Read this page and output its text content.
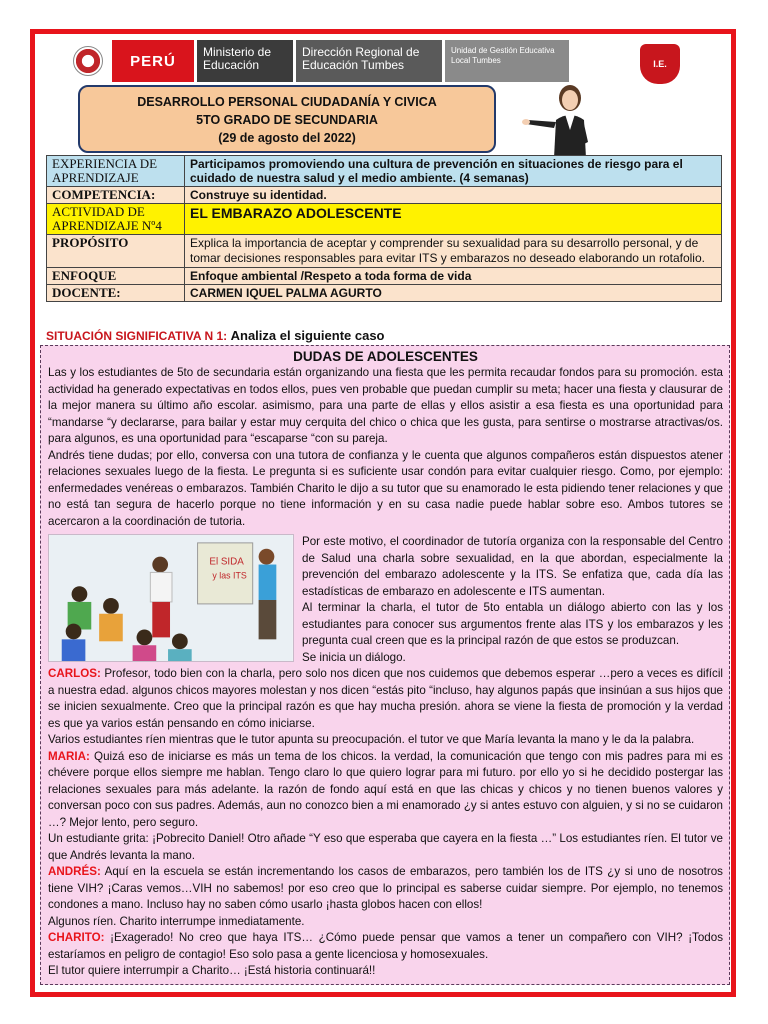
PERÚ
Ministerio de Educación
Dirección Regional de Educación Tumbes
Unidad de Gestión Educativa Local Tumbes	I.E.
DESARROLLO PERSONAL CIUDADANÍA Y CIVICA
5TO GRADO DE SECUNDARIA
(29 de agosto del 2022)
EXPERIENCIA DE APRENDIZAJE	Participamos promoviendo una cultura de prevención en situaciones de riesgo para el cuidado de nuestra salud y el medio ambiente. (4 semanas)
COMPETENCIA:	Construye su identidad.
ACTIVIDAD DE APRENDIZAJE Nº4	EL EMBARAZO ADOLESCENTE
PROPÓSITO	Explica la importancia de aceptar y comprender su sexualidad para su desarrollo personal, y de tomar decisiones responsables para evitar ITS y embarazos no deseado elaborando un rotafolio.
ENFOQUE	Enfoque ambiental /Respeto a toda forma de vida
DOCENTE:	CARMEN IQUEL PALMA AGURTO
SITUACIÓN SIGNIFICATIVA N 1: Analiza el siguiente caso
DUDAS DE ADOLESCENTES

Las y los estudiantes de 5to de secundaria están organizando una fiesta que les permita recaudar fondos para su promoción. esta actividad ha generado expectativas en todos ellos, pues ven probable que puedan cumplir su meta; hacer una fiesta y clausurar de la mejor manera su último año escolar. asimismo, para una parte de ellas y ellos asistir a esa fiesta es una oportunidad para “mandarse “y declararse, para bailar y estar muy cerquita del chico o chica que les gusta, para sentirse o mostrarse atractivas/os. para algunos, es una oportunidad para “escaparse “con su pareja.

Andrés tiene dudas; por ello, conversa con una tutora de confianza y le cuenta que algunos compañeros están dispuestos atener relaciones sexuales luego de la fiesta. Le pregunta si es suficiente usar condón para evitar cualquier riesgo. Como, por ejemplo: enfermedades venéreas o embarazos. También Charito le dijo a su tutor que su enamorado le esta pidiendo tener relaciones y que no está tan segura de hacerlo porque no tiene información y en su casa nadie puede hablar sobre eso. Ambos tutores se acercaron a la coordinación de tutoria.

El SIDA
y las ITS

Por este motivo, el coordinador de tutoría organiza con la responsable del Centro de Salud una charla sobre sexualidad, en la que abordan, especialmente la prevención del embarazo adolescente y la ITS. Se enfatiza que, cada día las estadísticas de embarazo en adolescente e ITS aumentan.

Al terminar la charla, el tutor de 5to entabla un diálogo abierto con las y los estudiantes para conocer sus argumentos frente alas ITS y los embarazos y les pregunta cual creen que es la principal razón de que estos se produzcan.

Se inicia un diálogo.

CARLOS: Profesor, todo bien con la charla, pero solo nos dicen que nos cuidemos que debemos esperar …pero a veces es difícil a nuestra edad. algunos chicos mayores molestan y nos dicen “estás pito “incluso, hay algunos papás que insinúan a sus hijos que se inicien sexualmente. Creo que la principal razón es que hay mucha presión. ahora se viene la fiesta de promoción y la verdad es que ya varios están pensando en cómo iniciarse.

Varios estudiantes ríen mientras que le tutor apunta su preocupación. el tutor ve que María levanta la mano y le da la palabra.

MARIA: Quizá eso de iniciarse es más un tema de los chicos. la verdad, la comunicación que tengo con mis padres para mi es chévere porque ellos siempre me hablan. Tengo claro lo que quiero lograr para mi futuro. por ello yo si he decidido postergar las relaciones sexuales para más adelante. la razón de fondo aquí está en que las chicas y chicos y no tienen buenos valores y conversan poco con sus padres. Además, aun no conozco bien a mi enamorado ¿y si antes estuvo con alguien, y si no se cuidaron …? Mejor lento, pero seguro.

Un estudiante grita: ¡Pobrecito Daniel! Otro añade “Y eso que esperaba que cayera en la fiesta …” Los estudiantes ríen. El tutor ve que Andrés levanta la mano.

ANDRÉS: Aquí en la escuela se están incrementando los casos de embarazos, pero también los de ITS ¿y si uno de nosotros tiene VIH? ¡Caras vemos…VIH no sabemos! por eso creo que lo principal es saberse cuidar siempre. Por ejemplo, no tenemos condones a mano. Incluso hay no saben cómo usarlo ¡hasta globos hacen con ellos!

Algunos ríen. Charito interrumpe inmediatamente.

CHARITO: ¡Exagerado! No creo que haya ITS… ¿Cómo puede pensar que vamos a tener un compañero con VIH? ¡Todos estaríamos en peligro de contagio! Eso solo pasa a gente licenciosa y homosexuales.

El tutor quiere interrumpir a Charito… ¡Está historia continuará!!
